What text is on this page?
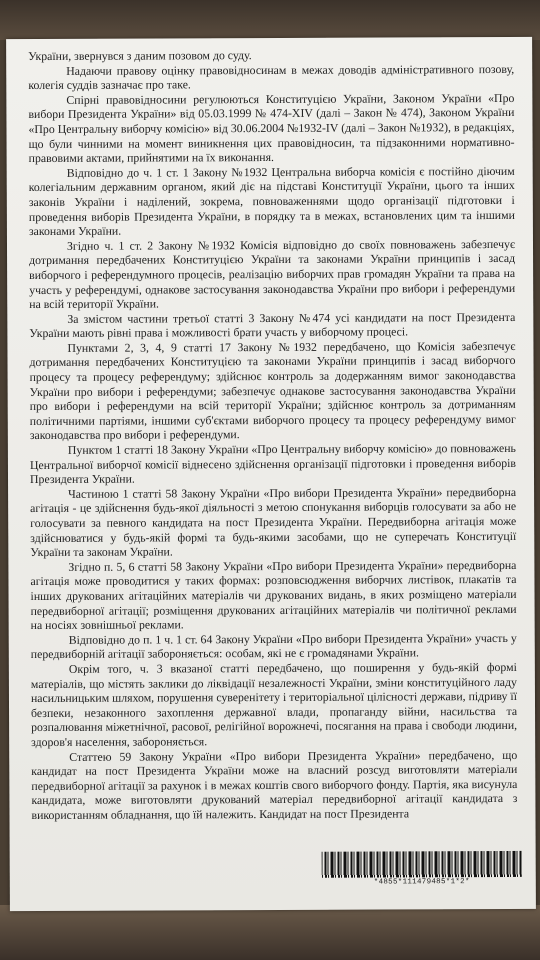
України, звернувся з даним позовом до суду.

Надаючи правову оцінку правовідносинам в межах доводів адміністративного позову, колегія суддів зазначає про таке.

Спірні правовідносини регулюються Конституцією України, Законом України «Про вибори Президента України» від 05.03.1999 № 474-XIV (далі – Закон № 474), Законом України «Про Центральну виборчу комісію» від 30.06.2004 №1932-IV (далі – Закон №1932), в редакціях, що були чинними на момент виникнення цих правовідносин, та підзаконними нормативно-правовими актами, прийнятими на їх виконання.

Відповідно до ч. 1 ст. 1 Закону №1932 Центральна виборча комісія є постійно діючим колегіальним державним органом, який діє на підставі Конституції України, цього та інших законів України і наділений, зокрема, повноваженнями щодо організації підготовки і проведення виборів Президента України, в порядку та в межах, встановлених цим та іншими законами України.

Згідно ч. 1 ст. 2 Закону №1932 Комісія відповідно до своїх повноважень забезпечує дотримання передбачених Конституцією України та законами України принципів і засад виборчого і референдумного процесів, реалізацію виборчих прав громадян України та права на участь у референдумі, однакове застосування законодавства України про вибори і референдуми на всій території України.

За змістом частини третьої статті 3 Закону №474 усі кандидати на пост Президента України мають рівні права і можливості брати участь у виборчому процесі.

Пунктами 2, 3, 4, 9 статті 17 Закону №1932 передбачено, що Комісія забезпечує дотримання передбачених Конституцією та законами України принципів і засад виборчого процесу та процесу референдуму; здійснює контроль за додержанням вимог законодавства України про вибори і референдуми; забезпечує однакове застосування законодавства України про вибори і референдуми на всій території України; здійснює контроль за дотриманням політичними партіями, іншими суб'єктами виборчого процесу та процесу референдуму вимог законодавства про вибори і референдуми.

Пунктом 1 статті 18 Закону України «Про Центральну виборчу комісію» до повноважень Центральної виборчої комісії віднесено здійснення організації підготовки і проведення виборів Президента України.

Частиною 1 статті 58 Закону України «Про вибори Президента України» передвиборна агітація - це здійснення будь-якої діяльності з метою спонукання виборців голосувати за або не голосувати за певного кандидата на пост Президента України. Передвиборна агітація може здійснюватися у будь-якій формі та будь-якими засобами, що не суперечать Конституції України та законам України.

Згідно п. 5, 6 статті 58 Закону України «Про вибори Президента України» передвиборна агітація може проводитися у таких формах: розповсюдження виборчих листівок, плакатів та інших друкованих агітаційних матеріалів чи друкованих видань, в яких розміщено матеріали передвиборної агітації; розміщення друкованих агітаційних матеріалів чи політичної реклами на носіях зовнішньої реклами.

Відповідно до п. 1 ч. 1 ст. 64 Закону України «Про вибори Президента України» участь у передвиборній агітації забороняється: особам, які не є громадянами України.

Окрім того, ч. 3 вказаної статті передбачено, що поширення у будь-якій формі матеріалів, що містять заклики до ліквідації незалежності України, зміни конституційного ладу насильницьким шляхом, порушення суверенітету і територіальної цілісності держави, підриву її безпеки, незаконного захоплення державної влади, пропаганду війни, насильства та розпалювання міжетнічної, расової, релігійної ворожнечі, посягання на права і свободи людини, здоров'я населення, забороняється.

Статтею 59 Закону України «Про вибори Президента України» передбачено, що кандидат на пост Президента України може на власний розсуд виготовляти матеріали передвиборної агітації за рахунок і в межах коштів свого виборчого фонду. Партія, яка висунула кандидата, може виготовляти друкований матеріал передвиборної агітації кандидата з використанням обладнання, що їй належить. Кандидат на пост Президента

*4855*111479485*1*2*
